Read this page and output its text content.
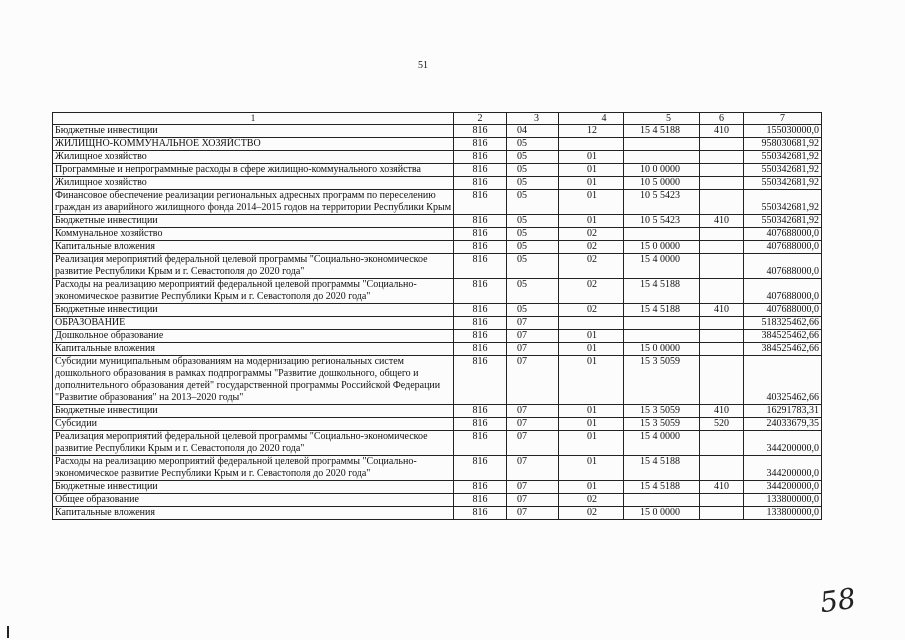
51
1	2	3	4	5	6	7
Бюджетные инвестиции	816	04	12	15 4 5188	410	155030000,0
ЖИЛИЩНО-КОММУНАЛЬНОЕ ХОЗЯЙСТВО	816	05				958030681,92
Жилищное хозяйство	816	05	01			550342681,92
Программные и непрограммные расходы в сфере жилищно-коммунального хозяйства	816	05	01	10 0 0000		550342681,92
Жилищное хозяйство	816	05	01	10 5 0000		550342681,92
Финансовое обеспечение реализации региональных адресных программ по переселению граждан из аварийного жилищного фонда 2014–2015 годов на территории Республики Крым	816	05	01	10 5 5423		550342681,92
Бюджетные инвестиции	816	05	01	10 5 5423	410	550342681,92
Коммунальное хозяйство	816	05	02			407688000,0
Капитальные вложения	816	05	02	15 0 0000		407688000,0
Реализация мероприятий федеральной целевой программы "Социально-экономическое развитие Республики Крым и г. Севастополя до 2020 года"	816	05	02	15 4 0000		407688000,0
Расходы на реализацию мероприятий федеральной целевой программы "Социально-экономическое развитие Республики Крым и г. Севастополя до 2020 года"	816	05	02	15 4 5188		407688000,0
Бюджетные инвестиции	816	05	02	15 4 5188	410	407688000,0
ОБРАЗОВАНИЕ	816	07				518325462,66
Дошкольное образование	816	07	01			384525462,66
Капитальные вложения	816	07	01	15 0 0000		384525462,66
Субсидии муниципальным образованиям на модернизацию региональных систем дошкольного образования в рамках подпрограммы "Развитие дошкольного, общего и дополнительного образования детей" государственной программы Российской Федерации "Развитие образования" на 2013–2020 годы"	816	07	01	15 3 5059		40325462,66
Бюджетные инвестиции	816	07	01	15 3 5059	410	16291783,31
Субсидии	816	07	01	15 3 5059	520	24033679,35
Реализация мероприятий федеральной целевой программы "Социально-экономическое развитие Республики Крым и г. Севастополя до 2020 года"	816	07	01	15 4 0000		344200000,0
Расходы на реализацию мероприятий федеральной целевой программы "Социально-экономическое развитие Республики Крым и г. Севастополя до 2020 года"	816	07	01	15 4 5188		344200000,0
Бюджетные инвестиции	816	07	01	15 4 5188	410	344200000,0
Общее образование	816	07	02			133800000,0
Капитальные вложения	816	07	02	15 0 0000		133800000,0
58
